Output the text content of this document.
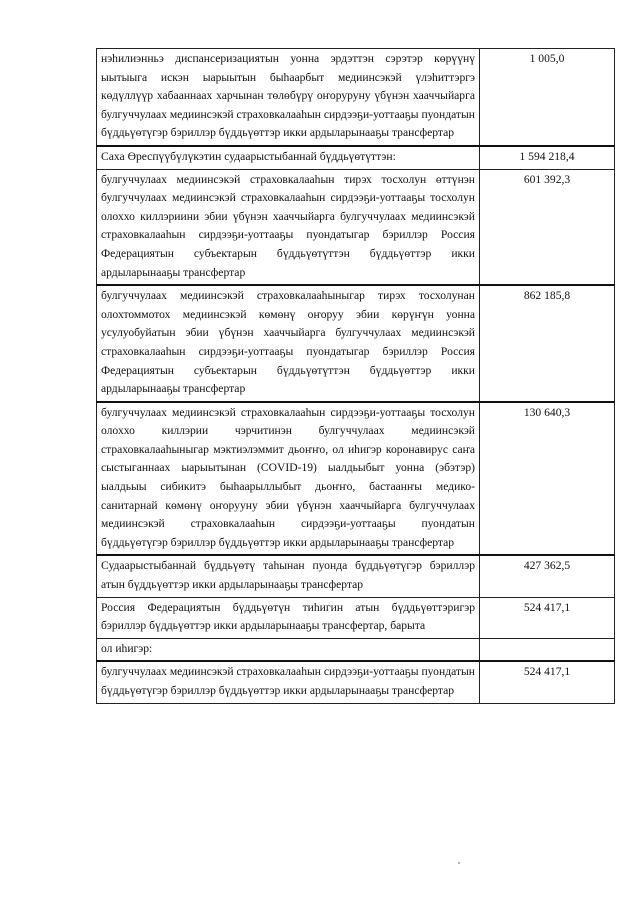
нэһилиэнньэ диспансеризациятын уонна эрдэттэн сэрэтэр көрүүнү ыытыыга искэн ыарыытын быһаарбыт медиинсэкэй үлэһиттэргэ көдүллүүр хабааннаах харчынан төлөбүрү оҥоруруну үбүнэн хааччыйарга булгуччулаах медиинсэкэй страховкалааһын сирдээҕи-уоттааҕы пуондатын бүддьүөтүгэр бэриллэр бүддьүөттэр икки ардыларынааҕы трансфертар	1 005,0
Саха Өреспүүбүлүкэтин судаарыстыбаннай бүддьүөтүттэн:	1 594 218,4
булгуччулаах медиинсэкэй страховкалааһын тирэх тосхолун өттүнэн булгуччулаах медиинсэкэй страховкалааһын сирдээҕи-уоттааҕы тосхолун олоххо киллэриини эбии үбүнэн хааччыйарга булгуччулаах медиинсэкэй страховкалааһын сирдээҕи-уоттааҕы пуондатыгар бэриллэр Россия Федерациятын субъектарын бүддьүөтүттэн бүддьүөттэр икки ардыларынааҕы трансфертар	601 392,3
булгуччулаах медиинсэкэй страховкалааһыныгар тирэх тосхолунан олохтоммотох медиинсэкэй көмөнү оҥоруу эбии көрүҥүн уонна усулуобуйатын эбии үбүнэн хааччыйарга булгуччулаах медиинсэкэй страховкалааһын сирдээҕи-уоттааҕы пуондатыгар бэриллэр Россия Федерациятын субъектарын бүддьүөтүттэн бүддьүөттэр икки ардыларынааҕы трансфертар	862 185,8
булгуччулаах медиинсэкэй страховкалааһын сирдээҕи-уоттааҕы тосхолун олоххо киллэрии чэрчитинэн булгуччулаах медиинсэкэй страховкалааһыныгар мэктиэлэммит дьоҥҥо, ол иһигэр коронавирус саҥа сыстыганнаах ыарыытынан (COVID-19) ыалдьыбыт уонна (эбэтэр) ыалдьыы сибикитэ быһаарыллыбыт дьоҥҥо, бастаанҥы медико-санитарнай көмөнү оҥорууну эбии үбүнэн хааччыйарга булгуччулаах медиинсэкэй страховкалааһын сирдээҕи-уоттааҕы пуондатын бүддьүөтүгэр бэриллэр бүддьүөттэр икки ардыларынааҕы трансфертар	130 640,3
Судаарыстыбаннай бүддьүөтү таһынан пуонда бүддьүөтүгэр бэриллэр атын бүддьүөттэр икки ардыларынааҕы трансфертар	427 362,5
Россия Федерациятын бүддьүөтүн тиһигин атын бүддьүөттэригэр бэриллэр бүддьүөттэр икки ардыларынааҕы трансфертар, барыта	524 417,1
ол иһигэр:	
булгуччулаах медиинсэкэй страховкалааһын сирдээҕи-уоттааҕы пуондатын бүддьүөтүгэр бэриллэр бүддьүөттэр икки ардыларынааҕы трансфертар	524 417,1
